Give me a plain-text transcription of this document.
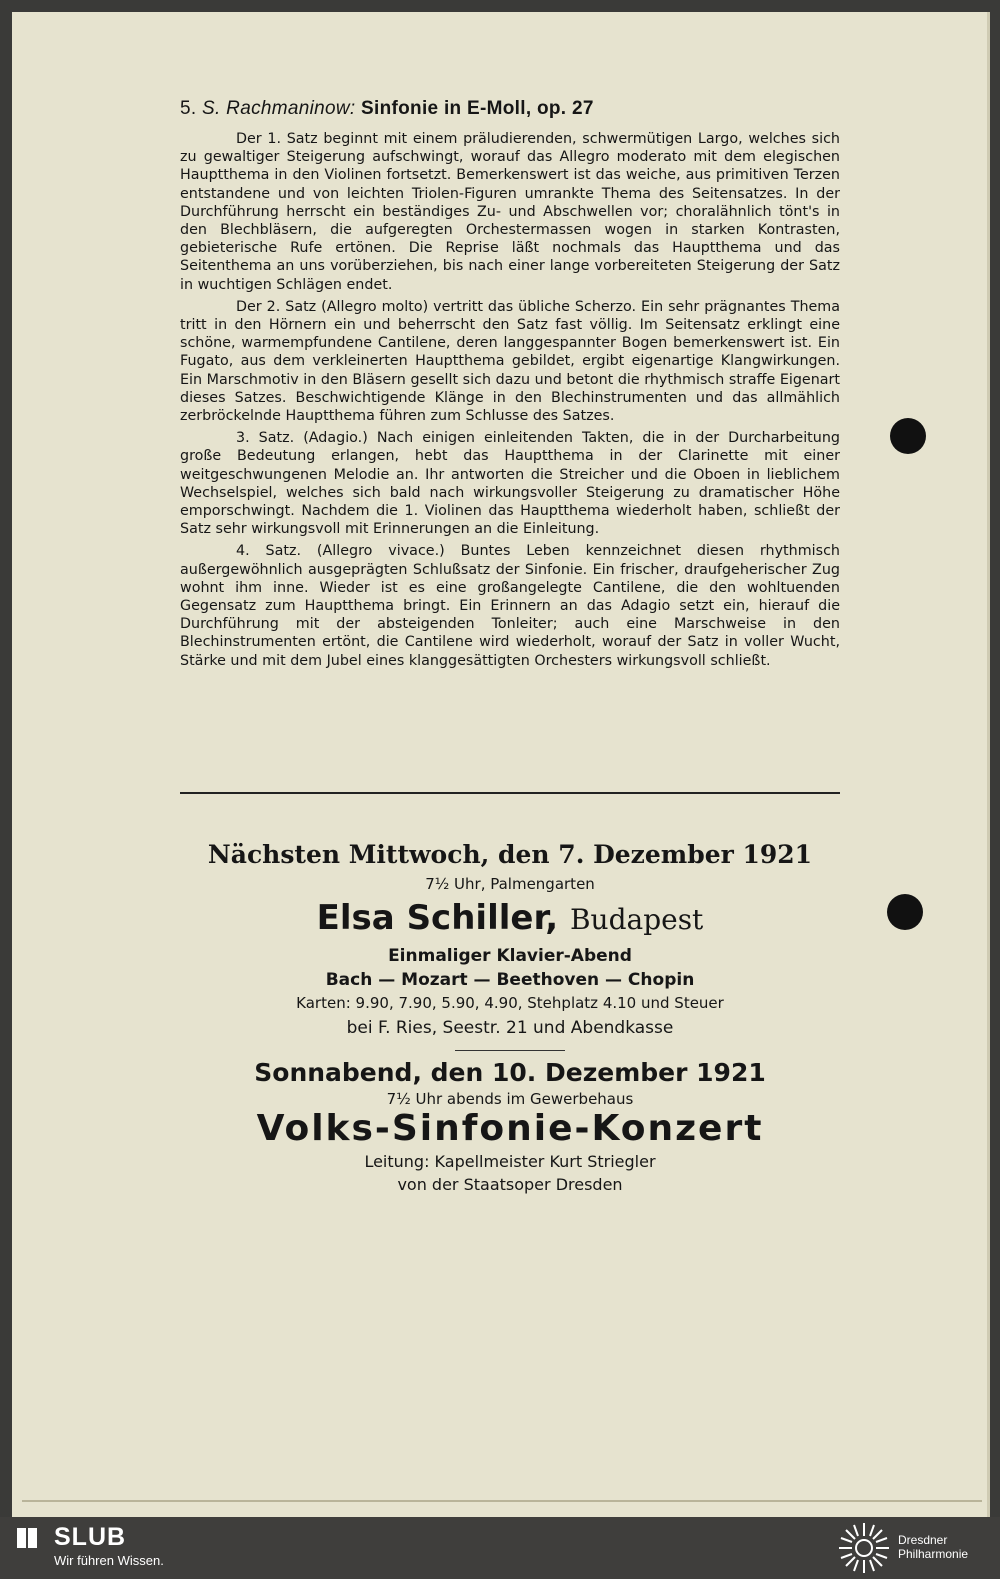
5. S. Rachmaninow: Sinfonie in E-Moll, op. 27

Der 1. Satz beginnt mit einem präludierenden, schwermütigen Largo, welches sich zu gewaltiger Steigerung aufschwingt, worauf das Allegro moderato mit dem elegischen Hauptthema in den Violinen fortsetzt. Bemerkenswert ist das weiche, aus primitiven Terzen entstandene und von leichten Triolen-Figuren umrankte Thema des Seitensatzes. In der Durchführung herrscht ein beständiges Zu- und Abschwellen vor; choralähnlich tönt's in den Blechbläsern, die aufgeregten Orchestermassen wogen in starken Kontrasten, gebieterische Rufe ertönen. Die Reprise läßt nochmals das Hauptthema und das Seitenthema an uns vorüberziehen, bis nach einer lange vorbereiteten Steigerung der Satz in wuchtigen Schlägen endet.

Der 2. Satz (Allegro molto) vertritt das übliche Scherzo. Ein sehr prägnantes Thema tritt in den Hörnern ein und beherrscht den Satz fast völlig. Im Seitensatz erklingt eine schöne, warmempfundene Cantilene, deren langgespannter Bogen bemerkenswert ist. Ein Fugato, aus dem verkleinerten Hauptthema gebildet, ergibt eigenartige Klangwirkungen. Ein Marschmotiv in den Bläsern gesellt sich dazu und betont die rhythmisch straffe Eigenart dieses Satzes. Beschwichtigende Klänge in den Blechinstrumenten und das allmählich zerbröckelnde Hauptthema führen zum Schlusse des Satzes.

3. Satz. (Adagio.) Nach einigen einleitenden Takten, die in der Durcharbeitung große Bedeutung erlangen, hebt das Hauptthema in der Clarinette mit einer weitgeschwungenen Melodie an. Ihr antworten die Streicher und die Oboen in lieblichem Wechselspiel, welches sich bald nach wirkungsvoller Steigerung zu dramatischer Höhe emporschwingt. Nachdem die 1. Violinen das Hauptthema wiederholt haben, schließt der Satz sehr wirkungsvoll mit Erinnerungen an die Einleitung.

4. Satz. (Allegro vivace.) Buntes Leben kennzeichnet diesen rhythmisch außergewöhnlich ausgeprägten Schlußsatz der Sinfonie. Ein frischer, draufgeherischer Zug wohnt ihm inne. Wieder ist es eine großangelegte Cantilene, die den wohltuenden Gegensatz zum Hauptthema bringt. Ein Erinnern an das Adagio setzt ein, hierauf die Durchführung mit der absteigenden Tonleiter; auch eine Marschweise in den Blechinstrumenten ertönt, die Cantilene wird wiederholt, worauf der Satz in voller Wucht, Stärke und mit dem Jubel eines klanggesättigten Orchesters wirkungsvoll schließt.

Nächsten Mittwoch, den 7. Dezember 1921
7½ Uhr, Palmengarten
Elsa Schiller, Budapest
Einmaliger Klavier-Abend
Bach — Mozart — Beethoven — Chopin
Karten: 9.90, 7.90, 5.90, 4.90, Stehplatz 4.10 und Steuer
bei F. Ries, Seestr. 21 und Abendkasse
Sonnabend, den 10. Dezember 1921
7½ Uhr abends im Gewerbehaus
Volks-Sinfonie-Konzert
Leitung: Kapellmeister Kurt Striegler
von der Staatsoper Dresden
SLUB
Wir führen Wissen.
Dresdner
Philharmonie
